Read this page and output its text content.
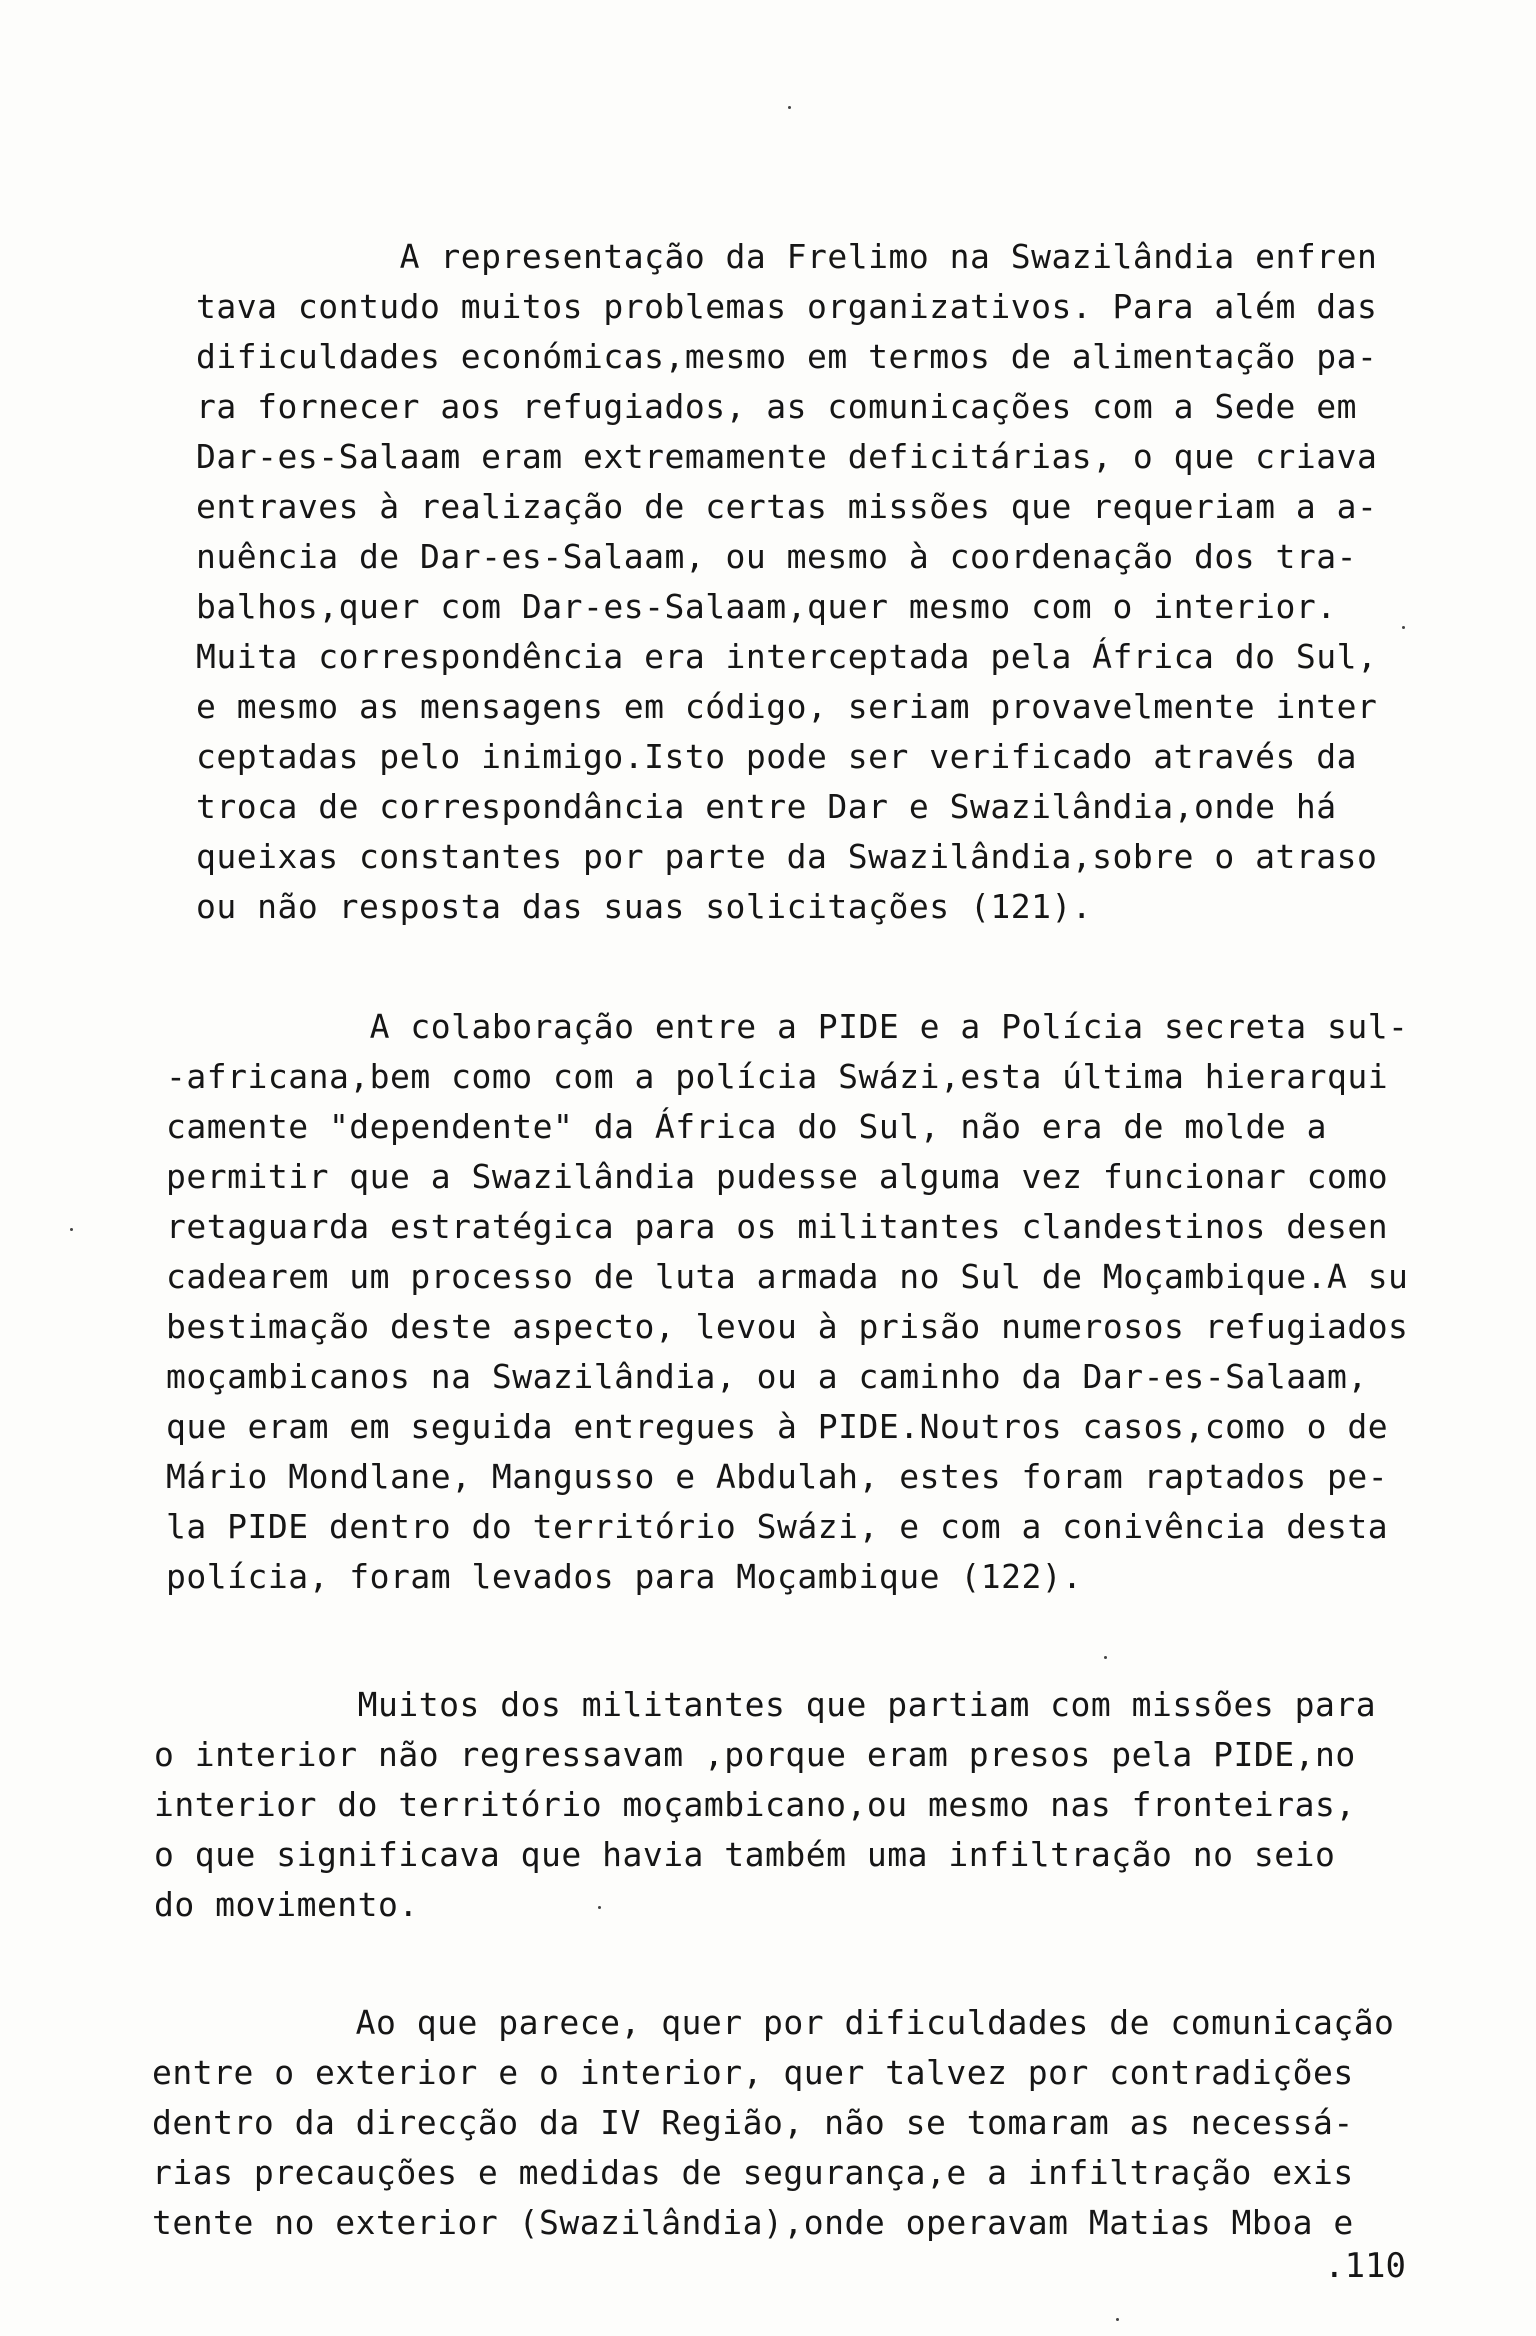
A representação da Frelimo na Swazilândia enfren
tava contudo muitos problemas organizativos. Para além das
dificuldades económicas,mesmo em termos de alimentação pa-
ra fornecer aos refugiados, as comunicações com a Sede em
Dar-es-Salaam eram extremamente deficitárias, o que criava
entraves à realização de certas missões que requeriam a a-
nuência de Dar-es-Salaam, ou mesmo à coordenação dos tra-
balhos,quer com Dar-es-Salaam,quer mesmo com o interior.
Muita correspondência era interceptada pela África do Sul,
e mesmo as mensagens em código, seriam provavelmente inter
ceptadas pelo inimigo.Isto pode ser verificado através da
troca de correspondância entre Dar e Swazilândia,onde há
queixas constantes por parte da Swazilândia,sobre o atraso
ou não resposta das suas solicitações (121).
A colaboração entre a PIDE e a Polícia secreta sul-
-africana,bem como com a polícia Swázi,esta última hierarqui
camente "dependente" da África do Sul, não era de molde a
permitir que a Swazilândia pudesse alguma vez funcionar como
retaguarda estratégica para os militantes clandestinos desen
cadearem um processo de luta armada no Sul de Moçambique.A su
bestimação deste aspecto, levou à prisão numerosos refugiados
moçambicanos na Swazilândia, ou a caminho da Dar-es-Salaam,
que eram em seguida entregues à PIDE.Noutros casos,como o de
Mário Mondlane, Mangusso e Abdulah, estes foram raptados pe-
la PIDE dentro do território Swázi, e com a conivência desta
polícia, foram levados para Moçambique (122).
Muitos dos militantes que partiam com missões para
o interior não regressavam ,porque eram presos pela PIDE,no
interior do território moçambicano,ou mesmo nas fronteiras,
o que significava que havia também uma infiltração no seio
do movimento.
Ao que parece, quer por dificuldades de comunicação
entre o exterior e o interior, quer talvez por contradições
dentro da direcção da IV Região, não se tomaram as necessá-
rias precauções e medidas de segurança,e a infiltração exis
tente no exterior (Swazilândia),onde operavam Matias Mboa e

.110
